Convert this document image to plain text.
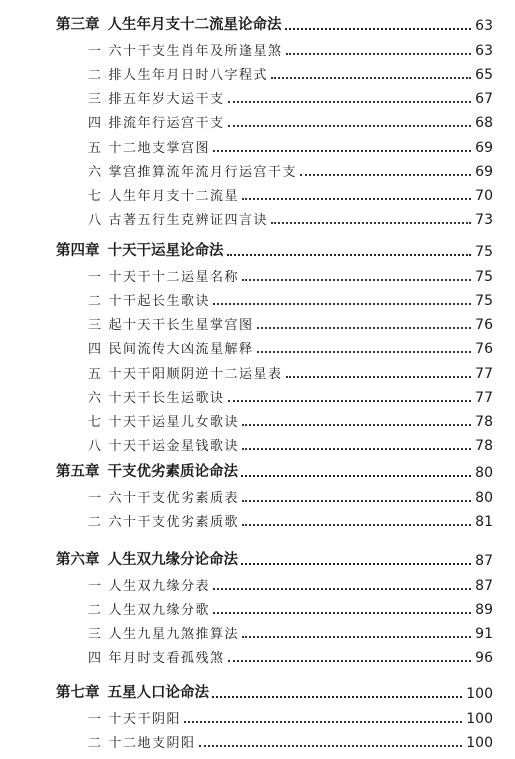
第三章 人生年月支十二流星论命法	63
一 六十干支生肖年及所逢星煞	63
二 排人生年月日时八字程式	65
三 排五年岁大运干支	67
四 排流年行运宫干支	68
五 十二地支掌宫图	69
六 掌宫推算流年流月行运宫干支	69
七 人生年月支十二流星	70
八 古著五行生克辨证四言诀	73
第四章 十天干运星论命法	75
一 十天干十二运星名称	75
二 十干起长生歌诀	75
三 起十天干长生星掌宫图	76
四 民间流传大凶流星解释	76
五 十天干阳顺阴逆十二运星表	77
六 十天干长生运歌诀	77
七 十天干运星儿女歌诀	78
八 十天干运金星钱歌诀	78
第五章 干支优劣素质论命法	80
一 六十干支优劣素质表	80
二 六十干支优劣素质歌	81
第六章 人生双九缘分论命法	87
一 人生双九缘分表	87
二 人生双九缘分歌	89
三 人生九星九煞推算法	91
四 年月时支看孤残煞	96
第七章 五星人口论命法	100
一 十天干阴阳	100
二 十二地支阴阳	100
